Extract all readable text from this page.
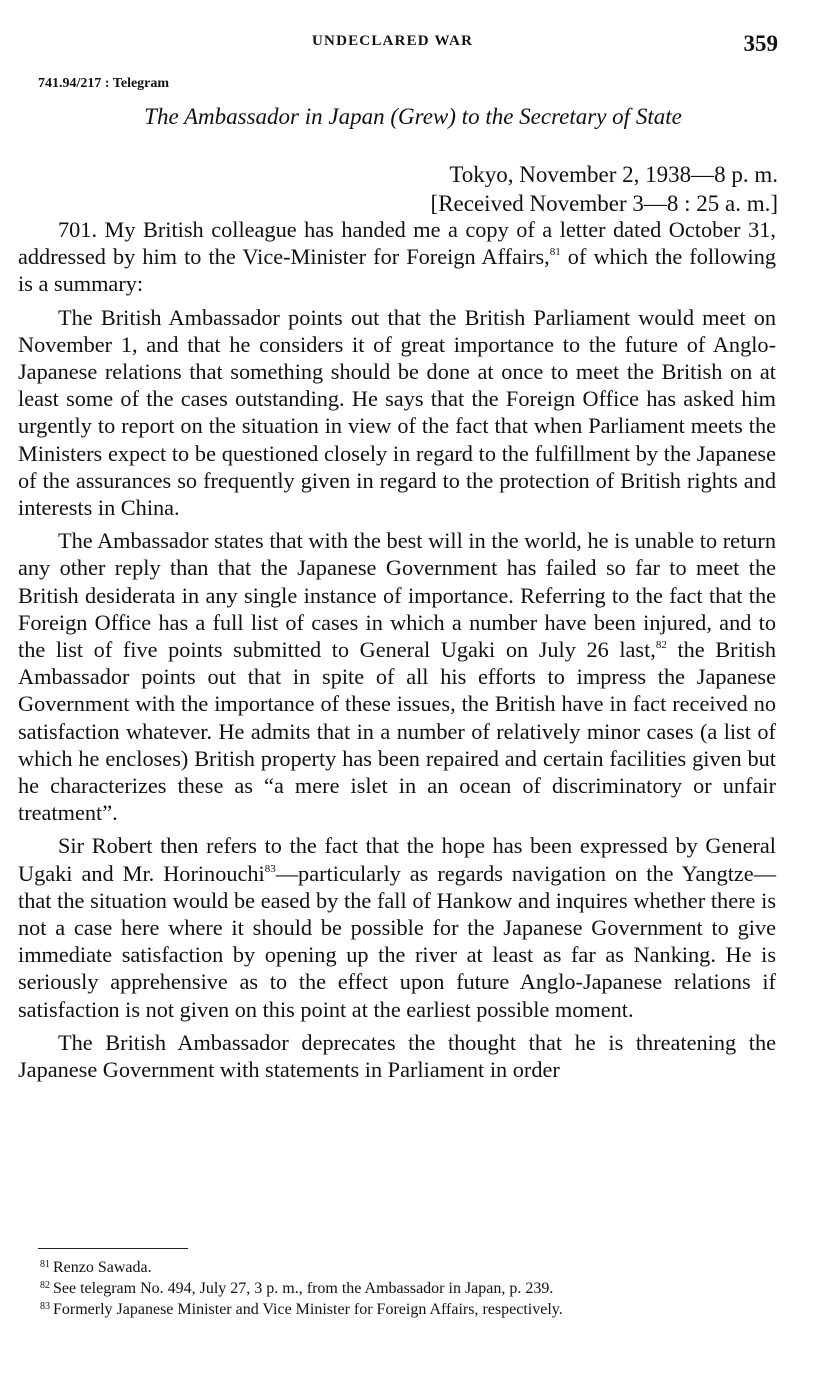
UNDECLARED WAR	359
741.94/217 : Telegram
The Ambassador in Japan (Grew) to the Secretary of State
Tokyo, November 2, 1938—8 p. m.
[Received November 3—8 : 25 a. m.]

701. My British colleague has handed me a copy of a letter dated October 31, addressed by him to the Vice-Minister for Foreign Affairs,$^{81}$ of which the following is a summary:

The British Ambassador points out that the British Parliament would meet on November 1, and that he considers it of great importance to the future of Anglo-Japanese relations that something should be done at once to meet the British on at least some of the cases outstanding. He says that the Foreign Office has asked him urgently to report on the situation in view of the fact that when Parliament meets the Ministers expect to be questioned closely in regard to the fulfillment by the Japanese of the assurances so frequently given in regard to the protection of British rights and interests in China.

The Ambassador states that with the best will in the world, he is unable to return any other reply than that the Japanese Government has failed so far to meet the British desiderata in any single instance of importance. Referring to the fact that the Foreign Office has a full list of cases in which a number have been injured, and to the list of five points submitted to General Ugaki on July 26 last,$^{82}$ the British Ambassador points out that in spite of all his efforts to impress the Japanese Government with the importance of these issues, the British have in fact received no satisfaction whatever. He admits that in a number of relatively minor cases (a list of which he encloses) British property has been repaired and certain facilities given but he characterizes these as “a mere islet in an ocean of discriminatory or unfair treatment”.

Sir Robert then refers to the fact that the hope has been expressed by General Ugaki and Mr. Horinouchi$^{83}$—particularly as regards navigation on the Yangtze—that the situation would be eased by the fall of Hankow and inquires whether there is not a case here where it should be possible for the Japanese Government to give immediate satisfaction by opening up the river at least as far as Nanking. He is seriously apprehensive as to the effect upon future Anglo-Japanese relations if satisfaction is not given on this point at the earliest possible moment.

The British Ambassador deprecates the thought that he is threatening the Japanese Government with statements in Parliament in order

$^{81}$ Renzo Sawada.
$^{82}$ See telegram No. 494, July 27, 3 p. m., from the Ambassador in Japan, p. 239.
$^{83}$ Formerly Japanese Minister and Vice Minister for Foreign Affairs, respectively.
